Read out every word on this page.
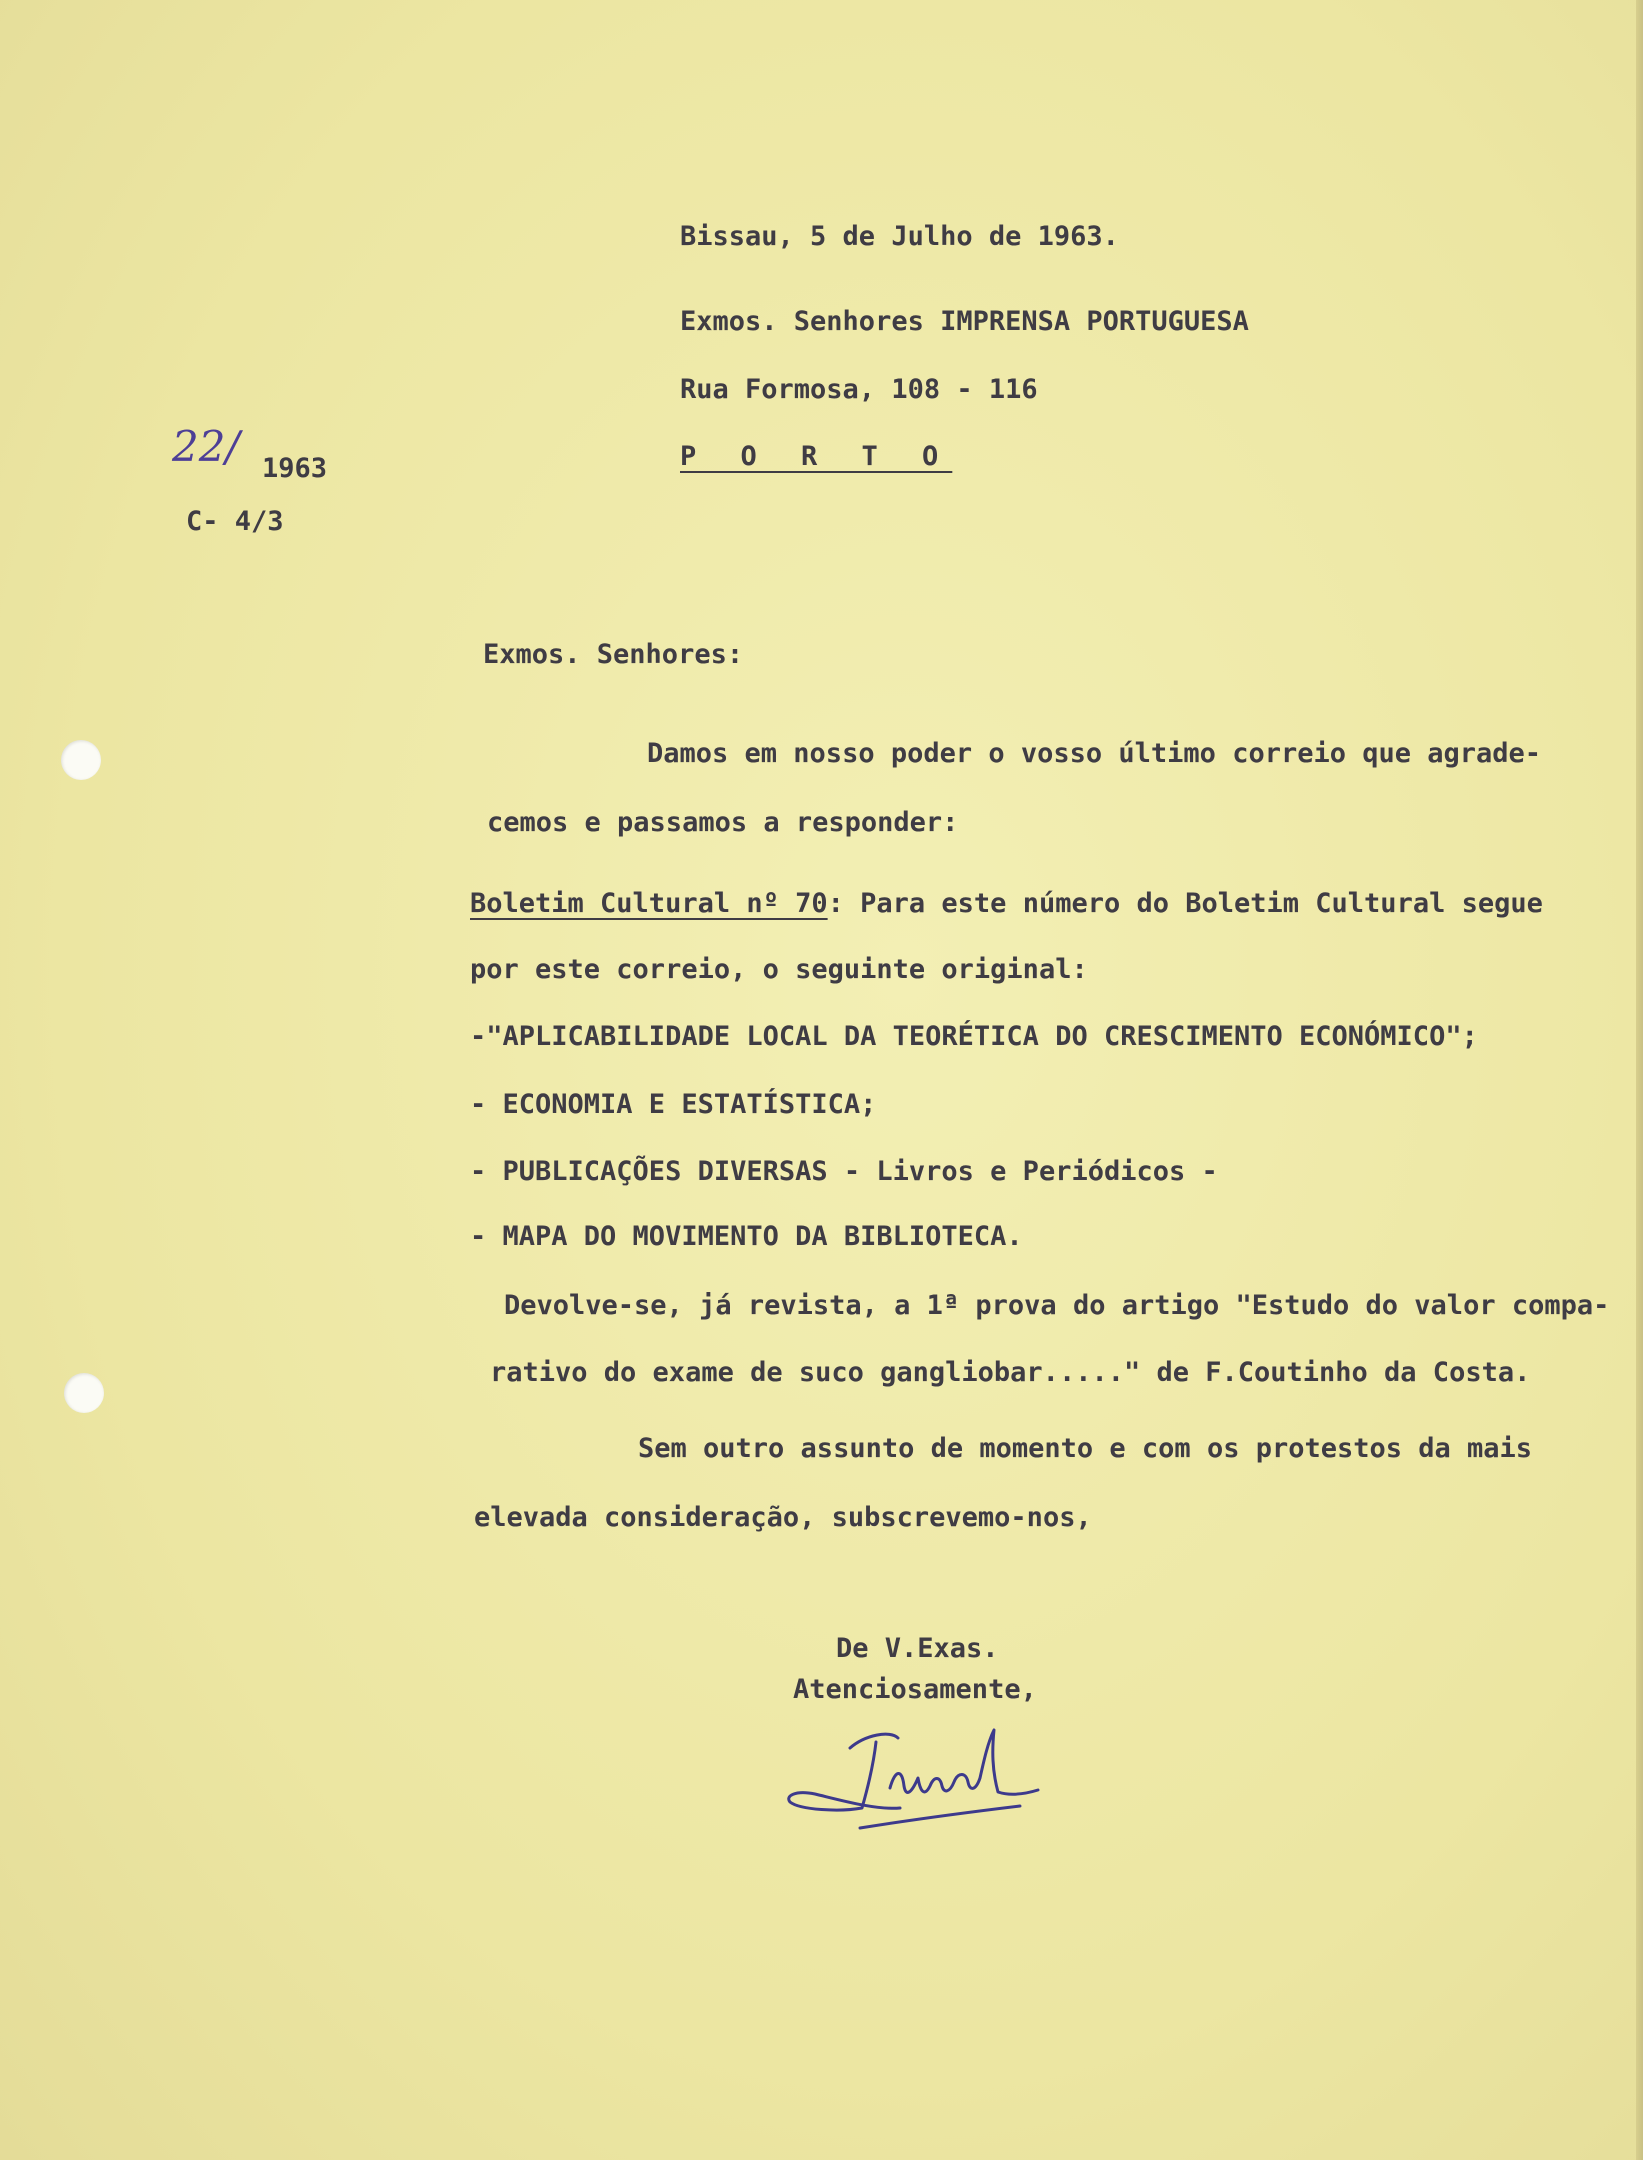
Bissau, 5 de Julho de 1963.
Exmos. Senhores IMPRENSA PORTUGUESA
Rua Formosa, 108 - 116
P O R T O
22/ 1963
C- 4/3
Exmos. Senhores:
Damos em nosso poder o vosso último correio que agrade-
cemos e passamos a responder:
Boletim Cultural nº 70: Para este número do Boletim Cultural segue
por este correio, o seguinte original:
-"APLICABILIDADE LOCAL DA TEORÉTICA DO CRESCIMENTO ECONÓMICO";
- ECONOMIA E ESTATÍSTICA;
- PUBLICAÇÕES DIVERSAS - Livros e Periódicos -
- MAPA DO MOVIMENTO DA BIBLIOTECA.
Devolve-se, já revista, a 1ª prova do artigo "Estudo do valor compa-
rativo do exame de suco gangliobar....." de F.Coutinho da Costa.
Sem outro assunto de momento e com os protestos da mais
elevada consideração, subscrevemo-nos,
De V.Exas.
Atenciosamente,
